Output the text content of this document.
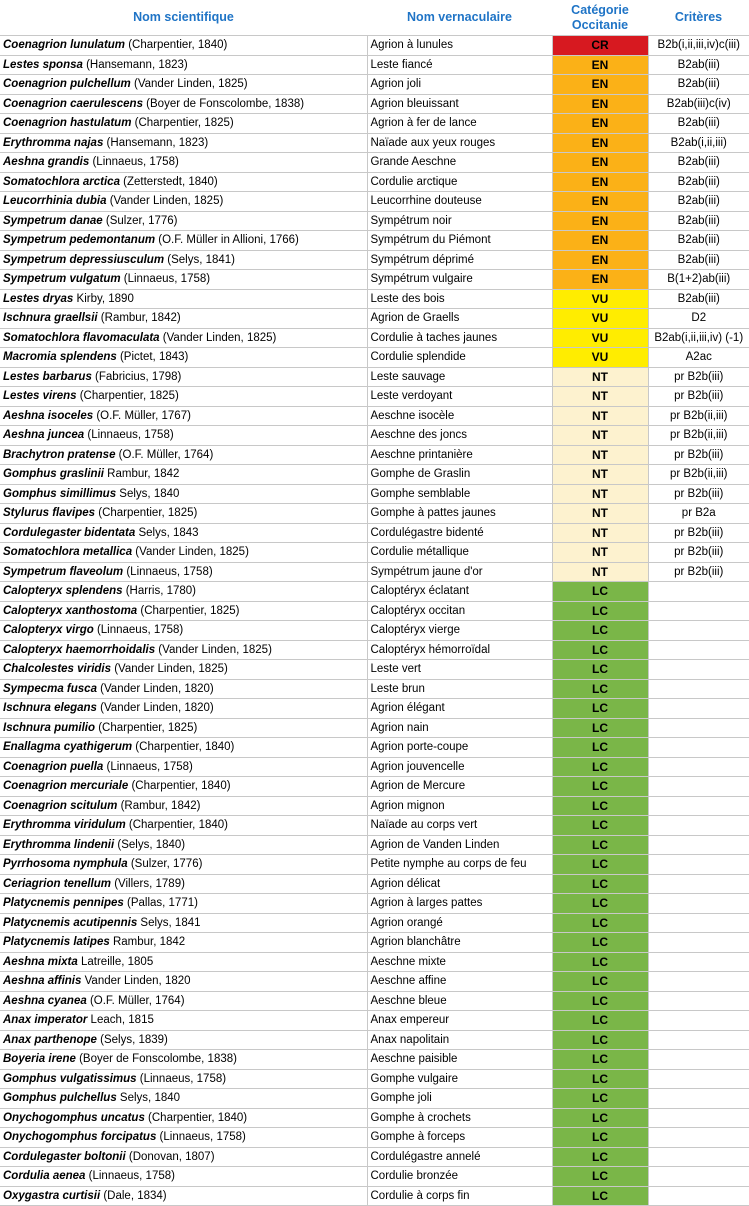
Nom scientifique	Nom vernaculaire	Catégorie
Occitanie	Critères
Coenagrion lunulatum (Charpentier, 1840)	Agrion à lunules	CR	B2b(i,ii,iii,iv)c(iii)
Lestes sponsa (Hansemann, 1823)	Leste fiancé	EN	B2ab(iii)
Coenagrion pulchellum (Vander Linden, 1825)	Agrion joli	EN	B2ab(iii)
Coenagrion caerulescens (Boyer de Fonscolombe, 1838)	Agrion bleuissant	EN	B2ab(iii)c(iv)
Coenagrion hastulatum (Charpentier, 1825)	Agrion à fer de lance	EN	B2ab(iii)
Erythromma najas (Hansemann, 1823)	Naïade aux yeux rouges	EN	B2ab(i,ii,iii)
Aeshna grandis (Linnaeus, 1758)	Grande Aeschne	EN	B2ab(iii)
Somatochlora arctica (Zetterstedt, 1840)	Cordulie arctique	EN	B2ab(iii)
Leucorrhinia dubia (Vander Linden, 1825)	Leucorrhine douteuse	EN	B2ab(iii)
Sympetrum danae (Sulzer, 1776)	Sympétrum noir	EN	B2ab(iii)
Sympetrum pedemontanum (O.F. Müller in Allioni, 1766)	Sympétrum du Piémont	EN	B2ab(iii)
Sympetrum depressiusculum (Selys, 1841)	Sympétrum déprimé	EN	B2ab(iii)
Sympetrum vulgatum (Linnaeus, 1758)	Sympétrum vulgaire	EN	B(1+2)ab(iii)
Lestes dryas Kirby, 1890	Leste des bois	VU	B2ab(iii)
Ischnura graellsii (Rambur, 1842)	Agrion de Graells	VU	D2
Somatochlora flavomaculata (Vander Linden, 1825)	Cordulie à taches jaunes	VU	B2ab(i,ii,iii,iv) (-1)
Macromia splendens (Pictet, 1843)	Cordulie splendide	VU	A2ac
Lestes barbarus (Fabricius, 1798)	Leste sauvage	NT	pr B2b(iii)
Lestes virens (Charpentier, 1825)	Leste verdoyant	NT	pr B2b(iii)
Aeshna isoceles (O.F. Müller, 1767)	Aeschne isocèle	NT	pr B2b(ii,iii)
Aeshna juncea (Linnaeus, 1758)	Aeschne des joncs	NT	pr B2b(ii,iii)
Brachytron pratense (O.F. Müller, 1764)	Aeschne printanière	NT	pr B2b(iii)
Gomphus graslinii Rambur, 1842	Gomphe de Graslin	NT	pr B2b(ii,iii)
Gomphus simillimus Selys, 1840	Gomphe semblable	NT	pr B2b(iii)
Stylurus flavipes (Charpentier, 1825)	Gomphe à pattes jaunes	NT	pr B2a
Cordulegaster bidentata Selys, 1843	Cordulégastre bidenté	NT	pr B2b(iii)
Somatochlora metallica (Vander Linden, 1825)	Cordulie métallique	NT	pr B2b(iii)
Sympetrum flaveolum (Linnaeus, 1758)	Sympétrum jaune d'or	NT	pr B2b(iii)
Calopteryx splendens (Harris, 1780)	Caloptéryx éclatant	LC	
Calopteryx xanthostoma (Charpentier, 1825)	Caloptéryx occitan	LC	
Calopteryx virgo (Linnaeus, 1758)	Caloptéryx vierge	LC	
Calopteryx haemorrhoidalis (Vander Linden, 1825)	Caloptéryx hémorroïdal	LC	
Chalcolestes viridis (Vander Linden, 1825)	Leste vert	LC	
Sympecma fusca (Vander Linden, 1820)	Leste brun	LC	
Ischnura elegans (Vander Linden, 1820)	Agrion élégant	LC	
Ischnura pumilio (Charpentier, 1825)	Agrion nain	LC	
Enallagma cyathigerum (Charpentier, 1840)	Agrion porte-coupe	LC	
Coenagrion puella (Linnaeus, 1758)	Agrion jouvencelle	LC	
Coenagrion mercuriale (Charpentier, 1840)	Agrion de Mercure	LC	
Coenagrion scitulum (Rambur, 1842)	Agrion mignon	LC	
Erythromma viridulum (Charpentier, 1840)	Naïade au corps vert	LC	
Erythromma lindenii (Selys, 1840)	Agrion de Vanden Linden	LC	
Pyrrhosoma nymphula (Sulzer, 1776)	Petite nymphe au corps de feu	LC	
Ceriagrion tenellum (Villers, 1789)	Agrion délicat	LC	
Platycnemis pennipes (Pallas, 1771)	Agrion à larges pattes	LC	
Platycnemis acutipennis Selys, 1841	Agrion orangé	LC	
Platycnemis latipes Rambur, 1842	Agrion blanchâtre	LC	
Aeshna mixta Latreille, 1805	Aeschne mixte	LC	
Aeshna affinis Vander Linden, 1820	Aeschne affine	LC	
Aeshna cyanea (O.F. Müller, 1764)	Aeschne bleue	LC	
Anax imperator Leach, 1815	Anax empereur	LC	
Anax parthenope (Selys, 1839)	Anax napolitain	LC	
Boyeria irene (Boyer de Fonscolombe, 1838)	Aeschne paisible	LC	
Gomphus vulgatissimus (Linnaeus, 1758)	Gomphe vulgaire	LC	
Gomphus pulchellus Selys, 1840	Gomphe joli	LC	
Onychogomphus uncatus (Charpentier, 1840)	Gomphe à crochets	LC	
Onychogomphus forcipatus (Linnaeus, 1758)	Gomphe à forceps	LC	
Cordulegaster boltonii (Donovan, 1807)	Cordulégastre annelé	LC	
Cordulia aenea (Linnaeus, 1758)	Cordulie bronzée	LC	
Oxygastra curtisii (Dale, 1834)	Cordulie à corps fin	LC	
